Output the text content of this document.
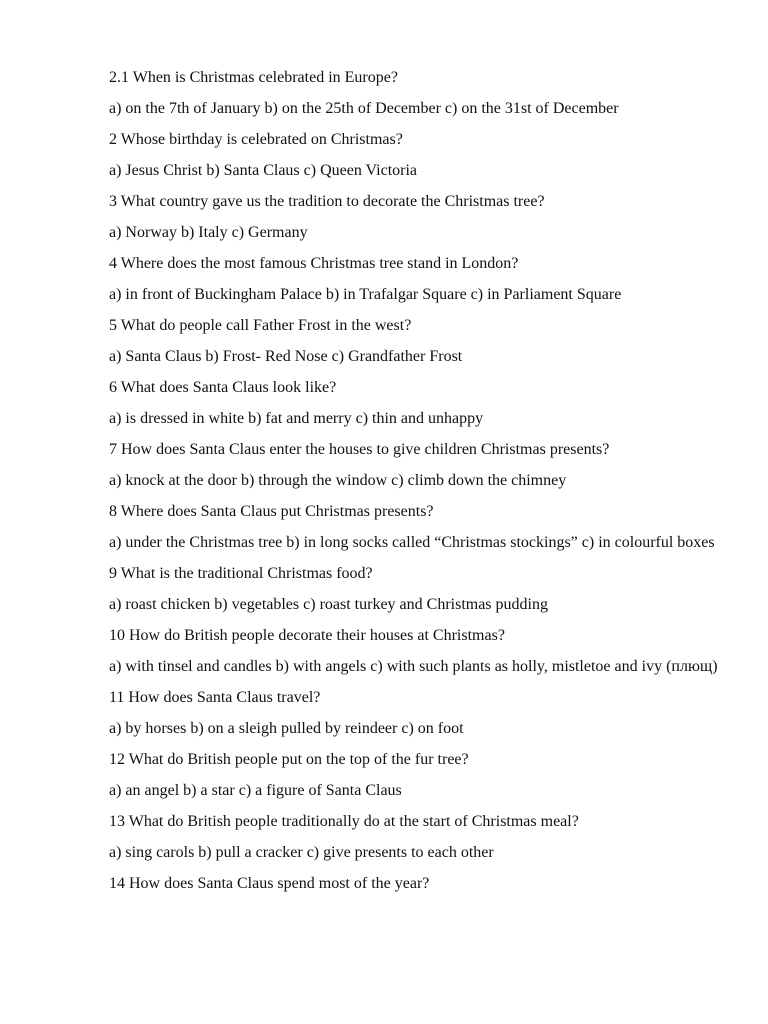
2.1 When is Christmas celebrated in Europe?

a) on the 7th of January b) on the 25th of December c) on the 31st of December

2 Whose birthday is celebrated on Christmas?

a) Jesus Christ b) Santa Claus c) Queen Victoria

3 What country gave us the tradition to decorate the Christmas tree?

a) Norway b) Italy c) Germany

4 Where does the most famous Christmas tree stand in London?

a) in front of Buckingham Palace b) in Trafalgar Square c) in Parliament Square

5 What do people call Father Frost in the west?

a) Santa Claus b) Frost- Red Nose c) Grandfather Frost

6 What does Santa Claus look like?

a) is dressed in white b) fat and merry c) thin and unhappy

7 How does Santa Claus enter the houses to give children Christmas presents?

a) knock at the door b) through the window c) climb down the chimney

8 Where does Santa Claus put Christmas presents?

a) under the Christmas tree b) in long socks called “Christmas stockings” c) in colourful boxes

9 What is the traditional Christmas food?

a) roast chicken b) vegetables c) roast turkey and Christmas pudding

10 How do British people decorate their houses at Christmas?

a) with tinsel and candles b) with angels c) with such plants as holly, mistletoe and ivy (плющ)

11 How does Santa Claus travel?

a) by horses b) on a sleigh pulled by reindeer c) on foot

12 What do British people put on the top of the fur tree?

a) an angel b) a star c) a figure of Santa Claus

13 What do British people traditionally do at the start of Christmas meal?

a) sing carols b) pull a cracker c) give presents to each other

14 How does Santa Claus spend most of the year?
